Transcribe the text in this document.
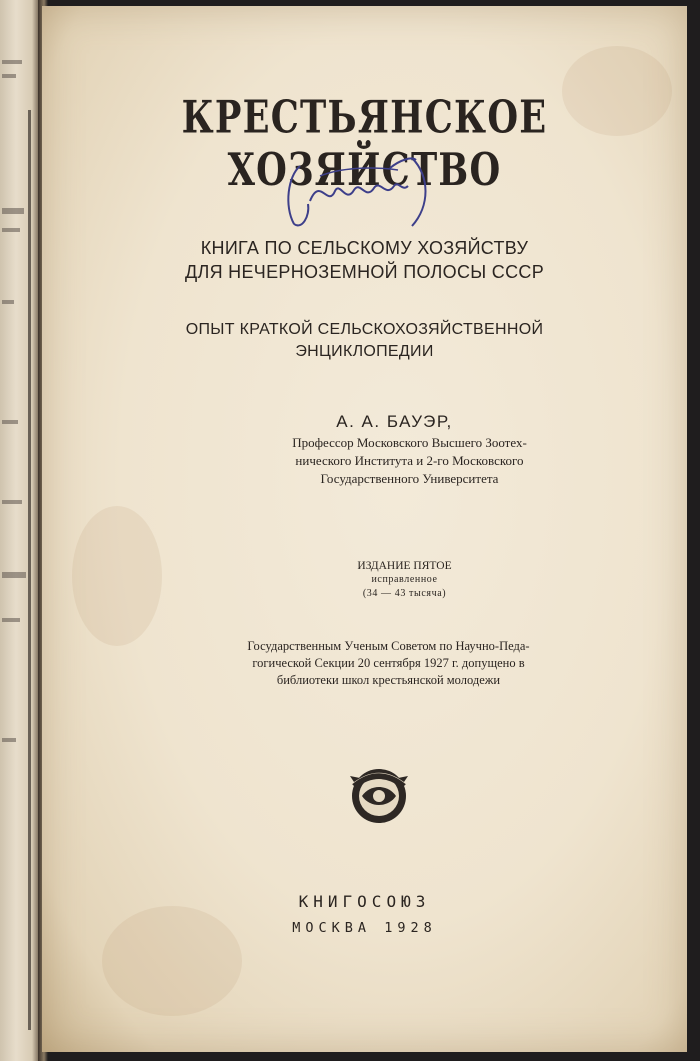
КРЕСТЬЯНСКОЕ ХОЗЯЙСТВО
КНИГА ПО СЕЛЬСКОМУ ХОЗЯЙСТВУ
ДЛЯ НЕЧЕРНОЗЕМНОЙ ПОЛОСЫ СССР
ОПЫТ КРАТКОЙ СЕЛЬСКОХОЗЯЙСТВЕННОЙ
ЭНЦИКЛОПЕДИИ
А. А. БАУЭР,
Профессор Московского Высшего Зоотех-
нического Института и 2-го Московского
Государственного Университета
ИЗДАНИЕ ПЯТОЕ
исправленное
(34 — 43 тысяча)
Государственным Ученым Советом по Научно-Педа-
гогической Секции 20 сентября 1927 г. допущено в
библиотеки школ крестьянской молодежи
КНИГОСОЮЗ
МОСКВА 1928
